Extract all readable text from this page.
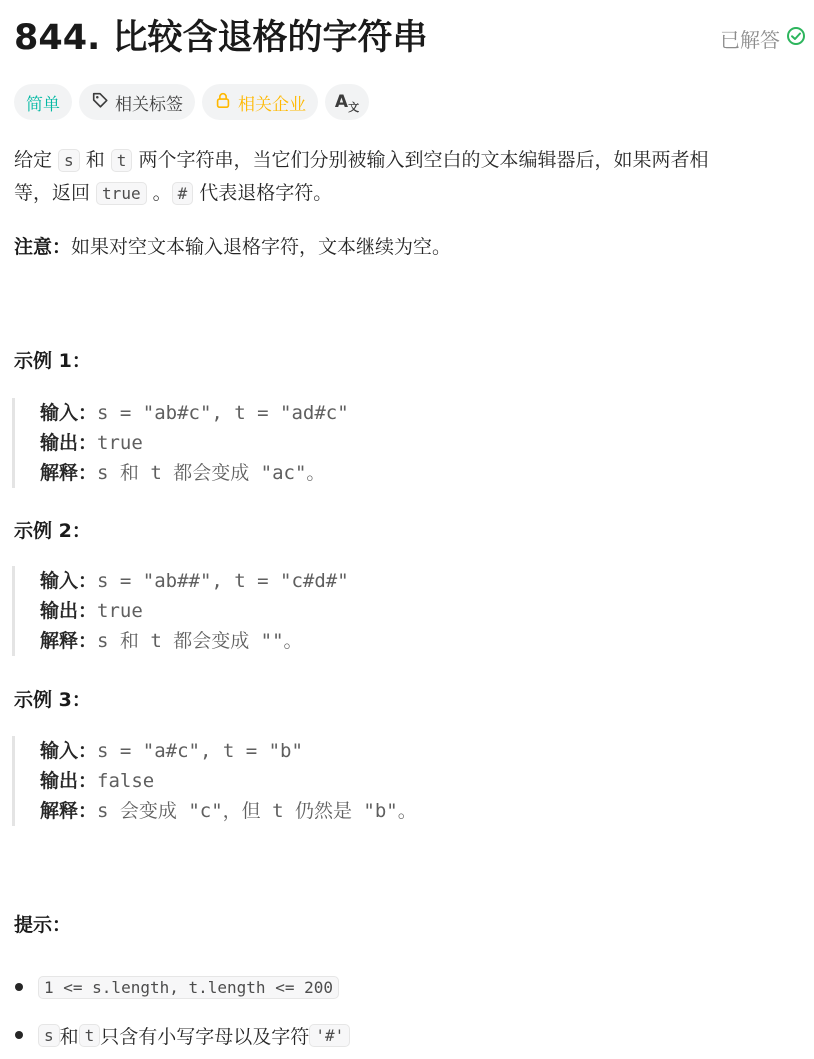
844. 比较含退格的字符串	已解答
简单	相关标签	相关企业 $A_文$
给定 s 和 t 两个字符串，当它们分别被输入到空白的文本编辑器后，如果两者相
等，返回 true 。 # 代表退格字符。
注意：如果对空文本输入退格字符，文本继续为空。
示例 1：
输入：s = "ab#c", t = "ad#c"
输出：true
解释：s 和 t 都会变成 "ac"。
示例 2：
输入：s = "ab##", t = "c#d#"
输出：true
解释：s 和 t 都会变成 ""。
示例 3：
输入：s = "a#c", t = "b"
输出：false
解释：s 会变成 "c"，但 t 仍然是 "b"。
提示：
1 <= s.length, t.length <= 200
s 和 t 只含有小写字母以及字符 '#'
